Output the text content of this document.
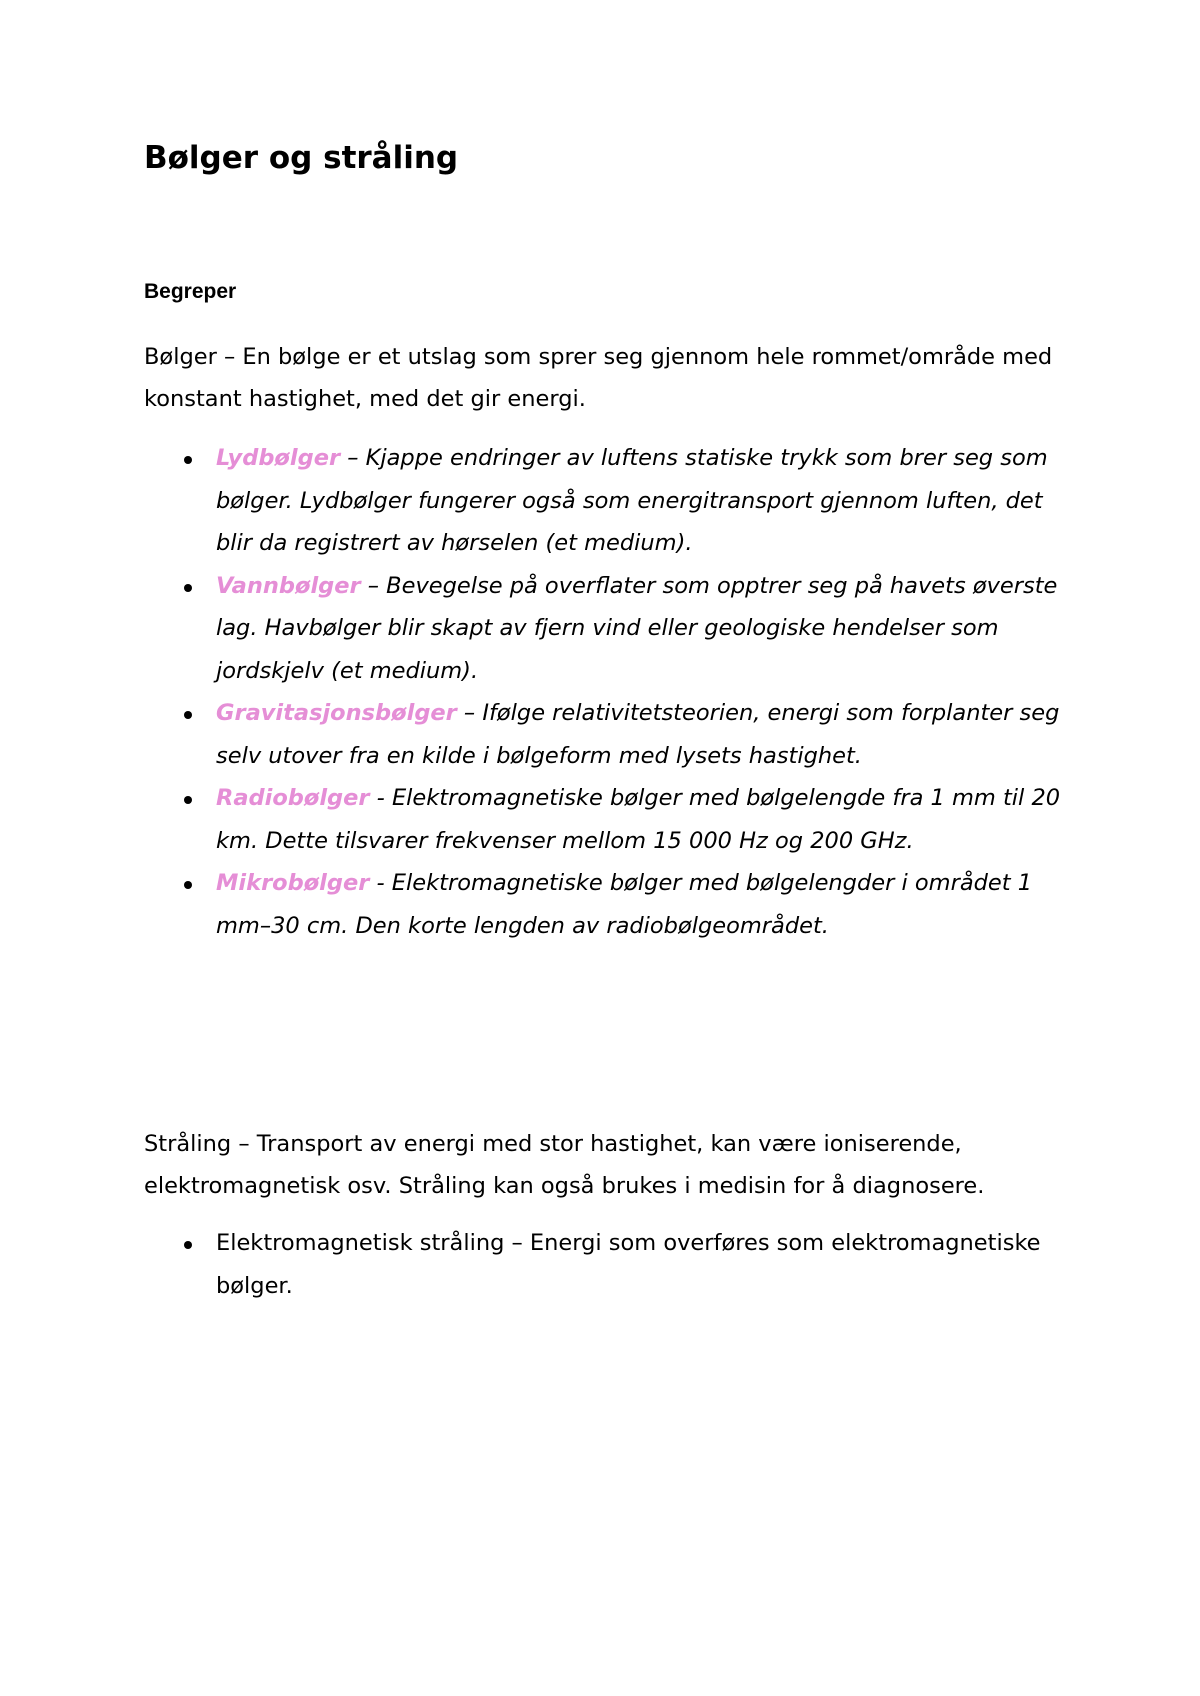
Bølger og stråling
Begreper

Bølger – En bølge er et utslag som sprer seg gjennom hele rommet/område med konstant hastighet, med det gir energi.

Lydbølger – Kjappe endringer av luftens statiske trykk som brer seg som bølger. Lydbølger fungerer også som energitransport gjennom luften, det blir da registrert av hørselen (et medium).
Vannbølger – Bevegelse på overflater som opptrer seg på havets øverste lag. Havbølger blir skapt av fjern vind eller geologiske hendelser som jordskjelv (et medium).
Gravitasjonsbølger – Ifølge relativitetsteorien, energi som forplanter seg selv utover fra en kilde i bølgeform med lysets hastighet.
Radiobølger - Elektromagnetiske bølger med bølgelengde fra 1 mm til 20 km. Dette tilsvarer frekvenser mellom 15 000 Hz og 200 GHz.
Mikrobølger - Elektromagnetiske bølger med bølgelengder i området 1 mm–30 cm. Den korte lengden av radiobølgeområdet.

Stråling – Transport av energi med stor hastighet, kan være ioniserende, elektromagnetisk osv. Stråling kan også brukes i medisin for å diagnosere.

Elektromagnetisk stråling – Energi som overføres som elektromagnetiske bølger.
